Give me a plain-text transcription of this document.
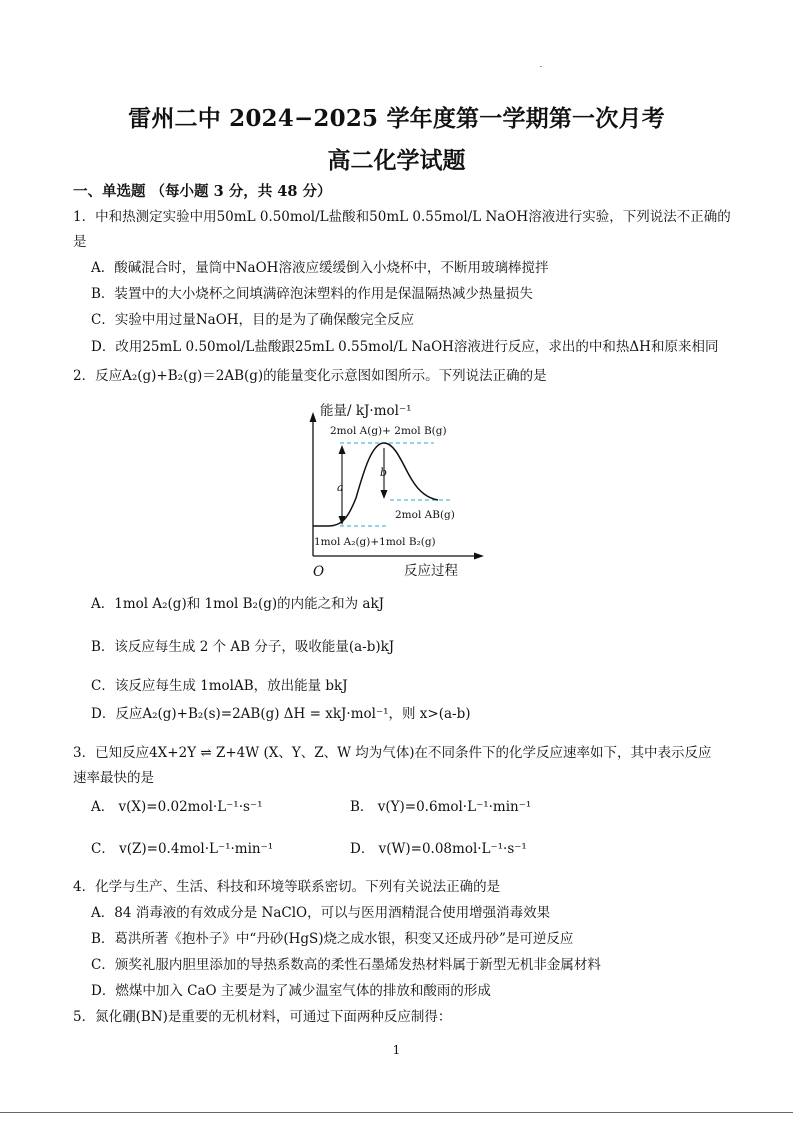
雷州二中 2024−2025 学年度第一学期第一次月考
高二化学试题
一、单选题 （每小题 3 分，共 48 分）
1．中和热测定实验中用50mL 0.50mol/L盐酸和50mL 0.55mol/L NaOH溶液进行实验，下列说法不正确的
是
A．酸碱混合时，量筒中NaOH溶液应缓缓倒入小烧杯中，不断用玻璃棒搅拌
B．装置中的大小烧杯之间填满碎泡沫塑料的作用是保温隔热减少热量损失
C．实验中用过量NaOH，目的是为了确保酸完全反应
D．改用25mL 0.50mol/L盐酸跟25mL 0.55mol/L NaOH溶液进行反应，求出的中和热ΔH和原来相同
2．反应A₂(g)+B₂(g)＝2AB(g)的能量变化示意图如图所示。下列说法正确的是
能量/ kJ·mol⁻¹
2mol A(g)+ 2mol B(g)
a
b
2mol AB(g)
1mol A₂(g)+1mol B₂(g)
O	反应过程
A．1mol A₂(g)和 1mol B₂(g)的内能之和为 akJ
B．该反应每生成 2 个 AB 分子，吸收能量(a-b)kJ
C．该反应每生成 1molAB，放出能量 bkJ
D．反应A₂(g)+B₂(s)=2AB(g) ΔH = xkJ·mol⁻¹，则 x>(a-b)
3．已知反应4X+2Y ⇌ Z+4W (X、Y、Z、W 均为气体)在不同条件下的化学反应速率如下，其中表示反应
速率最快的是
A． v(X)=0.02mol·L⁻¹·s⁻¹	B． v(Y)=0.6mol·L⁻¹·min⁻¹
C． v(Z)=0.4mol·L⁻¹·min⁻¹	D． v(W)=0.08mol·L⁻¹·s⁻¹
4．化学与生产、生活、科技和环境等联系密切。下列有关说法正确的是
A．84 消毒液的有效成分是 NaClO，可以与医用酒精混合使用增强消毒效果
B．葛洪所著《抱朴子》中“丹砂(HgS)烧之成水银，积变又还成丹砂”是可逆反应
C．颁奖礼服内胆里添加的导热系数高的柔性石墨烯发热材料属于新型无机非金属材料
D．燃煤中加入 CaO 主要是为了减少温室气体的排放和酸雨的形成
5．氮化硼(BN)是重要的无机材料，可通过下面两种反应制得：
1
